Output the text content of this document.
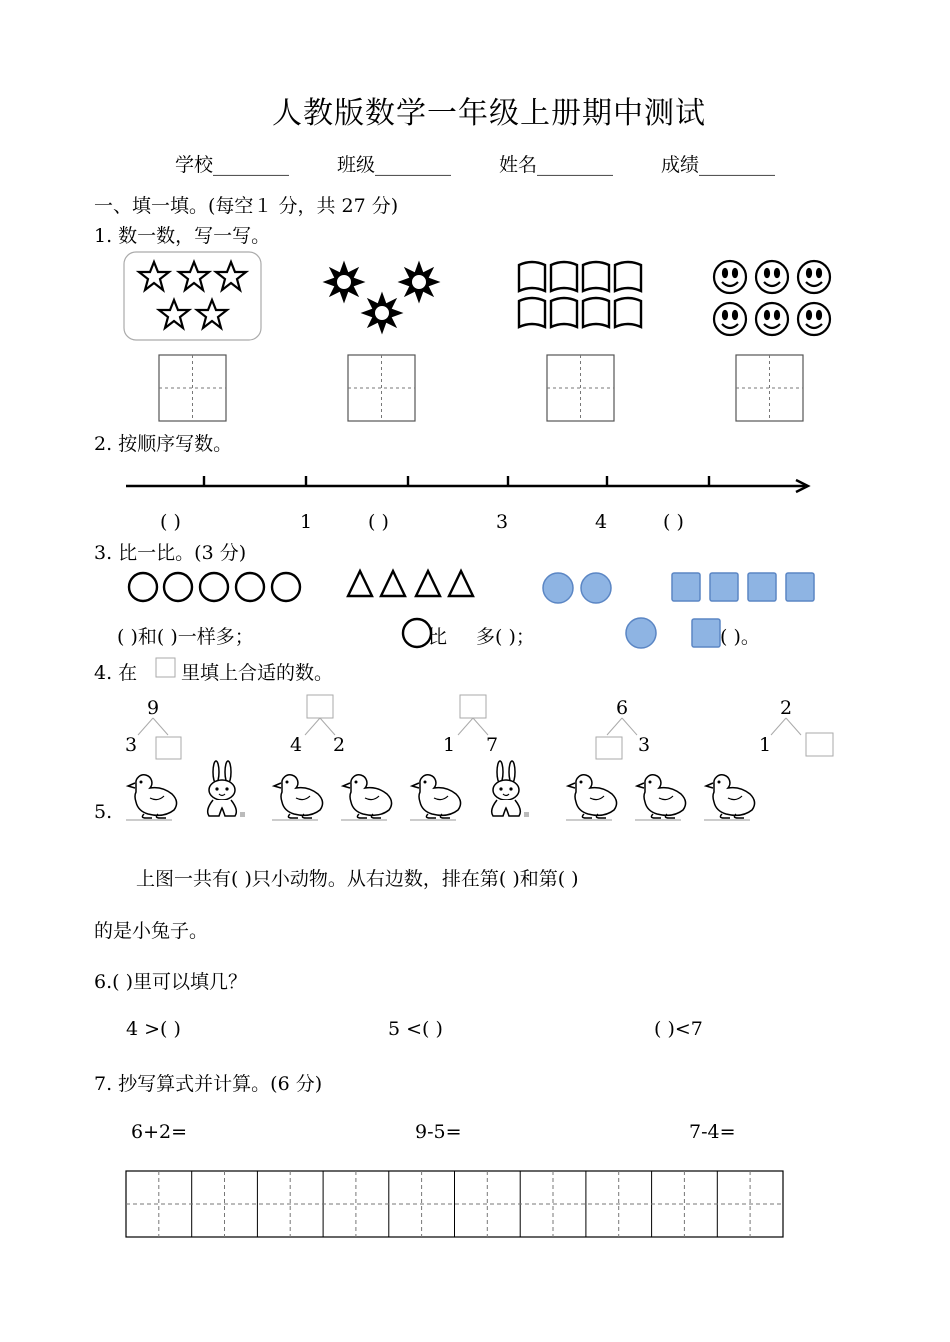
人教版数学一年级上册期中测试
学校________	班级________	姓名________	成绩________
一、填一填。(每空１ 分，共 27 分)
1. 数一数，写一写。
2. 按顺序写数。
( )	1	( )	3	4	( )
3. 比一比。(3 分)
( )和( )一样多；	比 多( )；	( )。
4. 在 里填上合适的数。
9
3	4 2	1 7
6
3
2
1
5.
上图一共有( )只小动物。从右边数，排在第( )和第( )
的是小兔子。
6.( )里可以填几？
4 >( )	5 <( )	( )<7
7. 抄写算式并计算。(6 分)
6+2=	9-5=	7-4=
